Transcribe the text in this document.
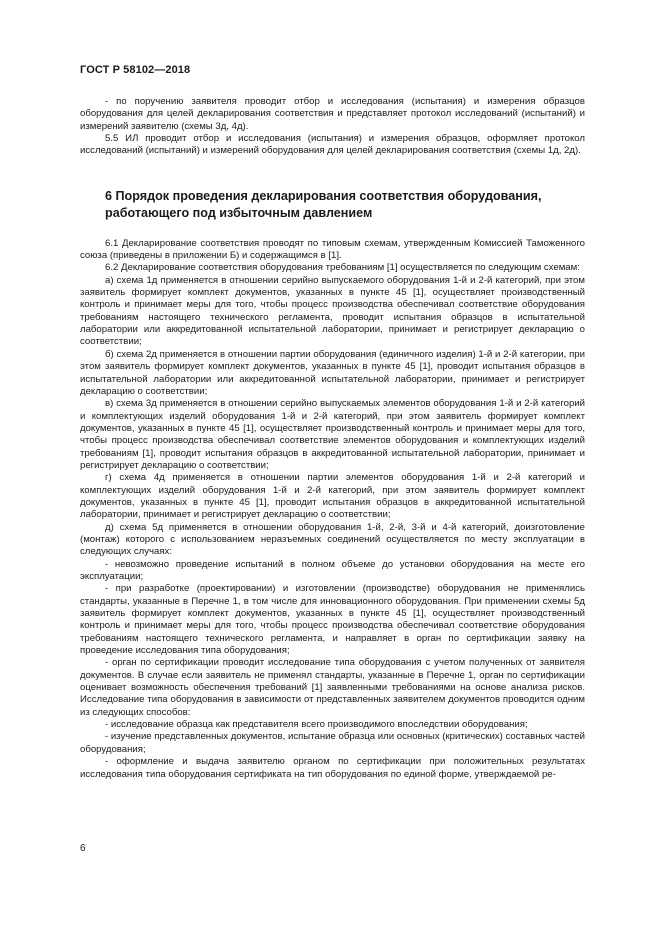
ГОСТ Р 58102—2018

- по поручению заявителя проводит отбор и исследования (испытания) и измерения образцов оборудования для целей декларирования соответствия и представляет протокол исследований (испытаний) и измерений заявителю (схемы 3д, 4д).

5.5 ИЛ проводит отбор и исследования (испытания) и измерения образцов, оформляет протокол исследований (испытаний) и измерений оборудования для целей декларирования соответствия (схемы 1д, 2д).

6 Порядок проведения декларирования соответствия оборудования, работающего под избыточным давлением

6.1 Декларирование соответствия проводят по типовым схемам, утвержденным Комиссией Таможенного союза (приведены в приложении Б) и содержащимся в [1].

6.2 Декларирование соответствия оборудования требованиям [1] осуществляется по следующим схемам:

а) схема 1д применяется в отношении серийно выпускаемого оборудования 1-й и 2-й категорий, при этом заявитель формирует комплект документов, указанных в пункте 45 [1], осуществляет производственный контроль и принимает меры для того, чтобы процесс производства обеспечивал соответствие оборудования требованиям настоящего технического регламента, проводит испытания образцов в испытательной лаборатории или аккредитованной испытательной лаборатории, принимает и регистрирует декларацию о соответствии;

б) схема 2д применяется в отношении партии оборудования (единичного изделия) 1-й и 2-й категории, при этом заявитель формирует комплект документов, указанных в пункте 45 [1], проводит испытания образцов в испытательной лаборатории или аккредитованной испытательной лаборатории, принимает и регистрирует декларацию о соответствии;

в) схема 3д применяется в отношении серийно выпускаемых элементов оборудования 1-й и 2-й категорий и комплектующих изделий оборудования 1-й и 2-й категорий, при этом заявитель формирует комплект документов, указанных в пункте 45 [1], осуществляет производственный контроль и принимает меры для того, чтобы процесс производства обеспечивал соответствие элементов оборудования и комплектующих изделий требованиям [1], проводит испытания образцов в аккредитованной испытательной лаборатории, принимает и регистрирует декларацию о соответствии;

г) схема 4д применяется в отношении партии элементов оборудования 1-й и 2-й категорий и комплектующих изделий оборудования 1-й и 2-й категорий, при этом заявитель формирует комплект документов, указанных в пункте 45 [1], проводит испытания образцов в аккредитованной испытательной лаборатории, принимает и регистрирует декларацию о соответствии;

д) схема 5д применяется в отношении оборудования 1-й, 2-й, 3-й и 4-й категорий, доизготовление (монтаж) которого с использованием неразъемных соединений осуществляется по месту эксплуатации в следующих случаях:

- невозможно проведение испытаний в полном объеме до установки оборудования на месте его эксплуатации;

- при разработке (проектировании) и изготовлении (производстве) оборудования не применялись стандарты, указанные в Перечне 1, в том числе для инновационного оборудования. При применении схемы 5д заявитель формирует комплект документов, указанных в пункте 45 [1], осуществляет производственный контроль и принимает меры для того, чтобы процесс производства обеспечивал соответствие оборудования требованиям настоящего технического регламента, и направляет в орган по сертификации заявку на проведение исследования типа оборудования;

- орган по сертификации проводит исследование типа оборудования с учетом полученных от заявителя документов. В случае если заявитель не применял стандарты, указанные в Перечне 1, орган по сертификации оценивает возможность обеспечения требований [1] заявленными требованиями на основе анализа рисков. Исследование типа оборудования в зависимости от представленных заявителем документов проводится одним из следующих способов:

- исследование образца как представителя всего производимого впоследствии оборудования;

- изучение представленных документов, испытание образца или основных (критических) составных частей оборудования;

- оформление и выдача заявителю органом по сертификации при положительных результатах исследования типа оборудования сертификата на тип оборудования по единой форме, утверждаемой ре-

6
